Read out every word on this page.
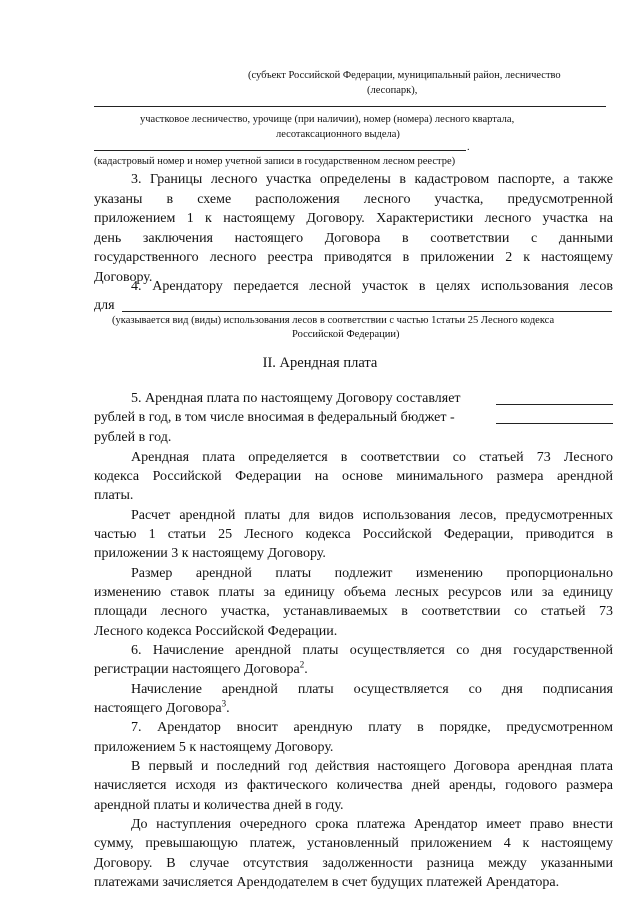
(субъект Российской Федерации, муниципальный район, лесничество
(лесопарк),
участковое лесничество, урочище (при наличии), номер (номера) лесного квартала,
лесотаксационного выдела)
.
(кадастровый номер и номер учетной записи в государственном лесном реестре)
3. Границы лесного участка определены в кадастровом паспорте, а также
указаны в схеме расположения лесного участка, предусмотренной
приложением 1 к настоящему Договору. Характеристики лесного участка на
день заключения настоящего Договора в соответствии с данными
государственного лесного реестра приводятся в приложении 2 к настоящему
Договору.
4. Арендатору передается лесной участок в целях использования лесов
для
(указывается вид (виды) использования лесов в соответствии с частью 1статьи 25 Лесного кодекса
Российской Федерации)
II. Арендная плата
5. Арендная плата по настоящему Договору составляет
рублей в год, в том числе вносимая в федеральный бюджет -
рублей в год.
Арендная плата определяется в соответствии со статьей 73 Лесного
кодекса Российской Федерации на основе минимального размера арендной
платы.
Расчет арендной платы для видов использования лесов, предусмотренных
частью 1 статьи 25 Лесного кодекса Российской Федерации, приводится в
приложении 3 к настоящему Договору.
Размер арендной платы подлежит изменению пропорционально
изменению ставок платы за единицу объема лесных ресурсов или за единицу
площади лесного участка, устанавливаемых в соответствии со статьей 73
Лесного кодекса Российской Федерации.
6. Начисление арендной платы осуществляется со дня государственной
регистрации настоящего Договора$^2$.
Начисление арендной платы осуществляется со дня подписания
настоящего Договора$^3$.
7. Арендатор вносит арендную плату в порядке, предусмотренном
приложением 5 к настоящему Договору.
В первый и последний год действия настоящего Договора арендная плата
начисляется исходя из фактического количества дней аренды, годового размера
арендной платы и количества дней в году.
До наступления очередного срока платежа Арендатор имеет право внести
сумму, превышающую платеж, установленный приложением 4 к настоящему
Договору. В случае отсутствия задолженности разница между указанными
платежами зачисляется Арендодателем в счет будущих платежей Арендатора.
